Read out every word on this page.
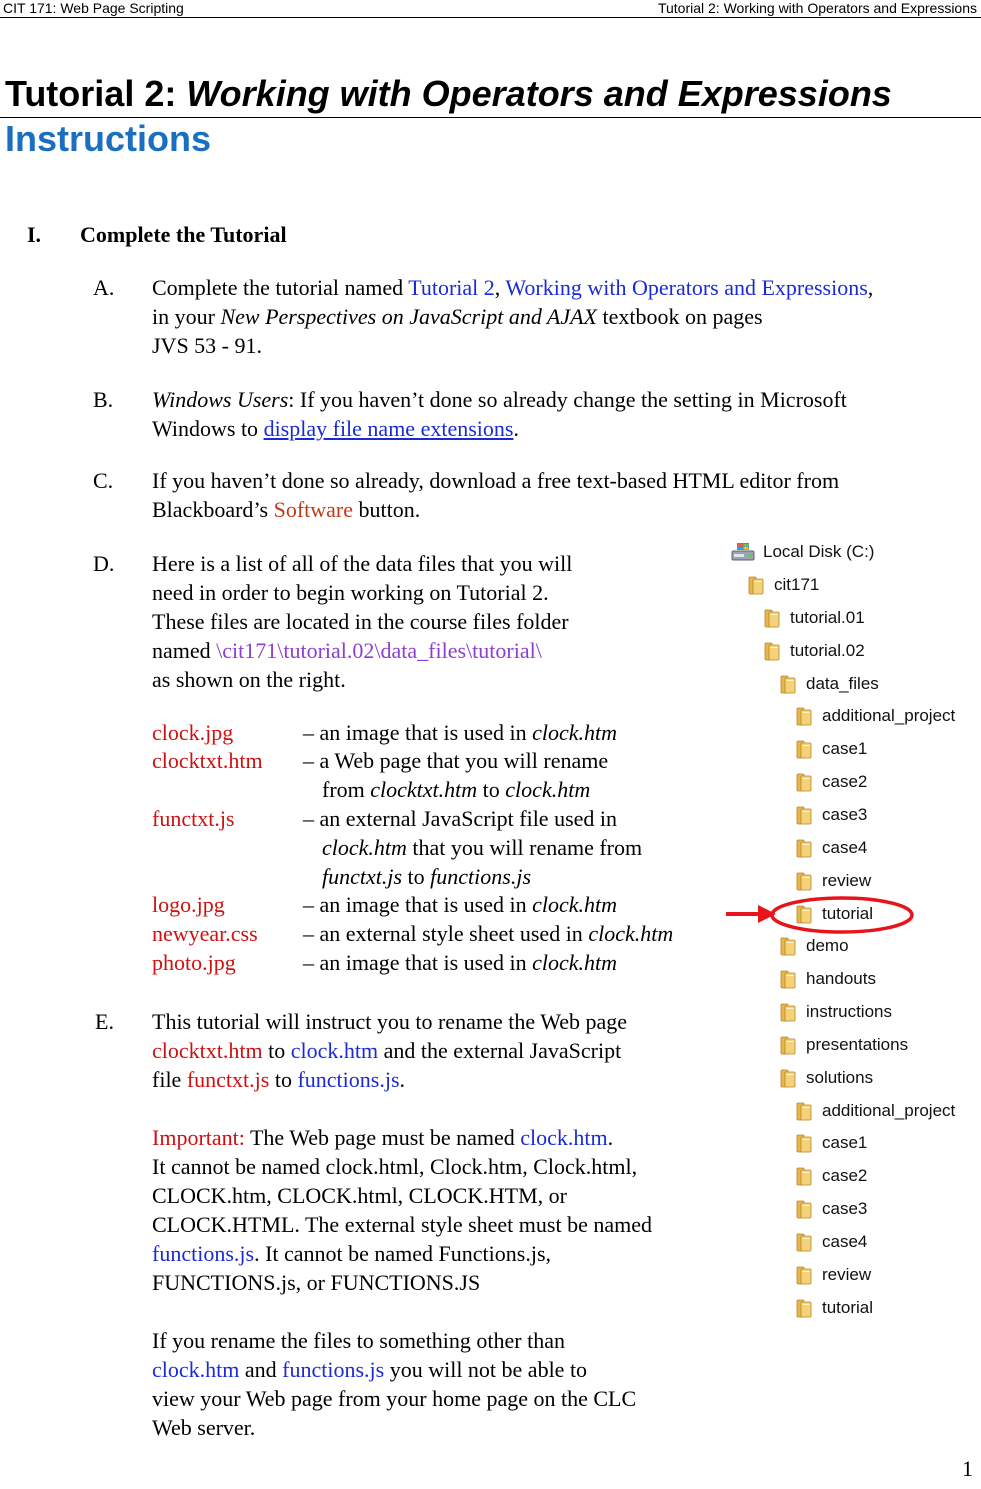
CIT 171: Web Page Scripting	Tutorial 2: Working with Operators and Expressions
Tutorial 2: Working with Operators and Expressions
Instructions
I. Complete the Tutorial
A. Complete the tutorial named Tutorial 2, Working with Operators and Expressions,
in your New Perspectives on JavaScript and AJAX textbook on pages
JVS 53 - 91.
B. Windows Users: If you haven’t done so already change the setting in Microsoft
Windows to display file name extensions.
C. If you haven’t done so already, download a free text-based HTML editor from
Blackboard’s Software button.
D. Here is a list of all of the data files that you will
need in order to begin working on Tutorial 2.
These files are located in the course files folder
named \cit171\tutorial.02\data_files\tutorial\
as shown on the right.
clock.jpg	– an image that is used in clock.htm
clocktxt.htm – a Web page that you will rename
from clocktxt.htm to clock.htm
functxt.js	– an external JavaScript file used in
clock.htm that you will rename from
functxt.js to functions.js
logo.jpg	– an image that is used in clock.htm
newyear.css – an external style sheet used in clock.htm
photo.jpg	– an image that is used in clock.htm
E. This tutorial will instruct you to rename the Web page
clocktxt.htm to clock.htm and the external JavaScript
file functxt.js to functions.js.
Important: The Web page must be named clock.htm.
It cannot be named clock.html, Clock.htm, Clock.html,
CLOCK.htm, CLOCK.html, CLOCK.HTM, or
CLOCK.HTML. The external style sheet must be named
functions.js. It cannot be named Functions.js,
FUNCTIONS.js, or FUNCTIONS.JS
If you rename the files to something other than
clock.htm and functions.js you will not be able to
view your Web page from your home page on the CLC
Web server.
Local Disk (C:)
cit171
tutorial.01
tutorial.02
data_files
additional_project
case1
case2
case3
case4
review
tutorial
demo
handouts
instructions
presentations
solutions
additional_project
case1
case2
case3
case4
review
tutorial
1
